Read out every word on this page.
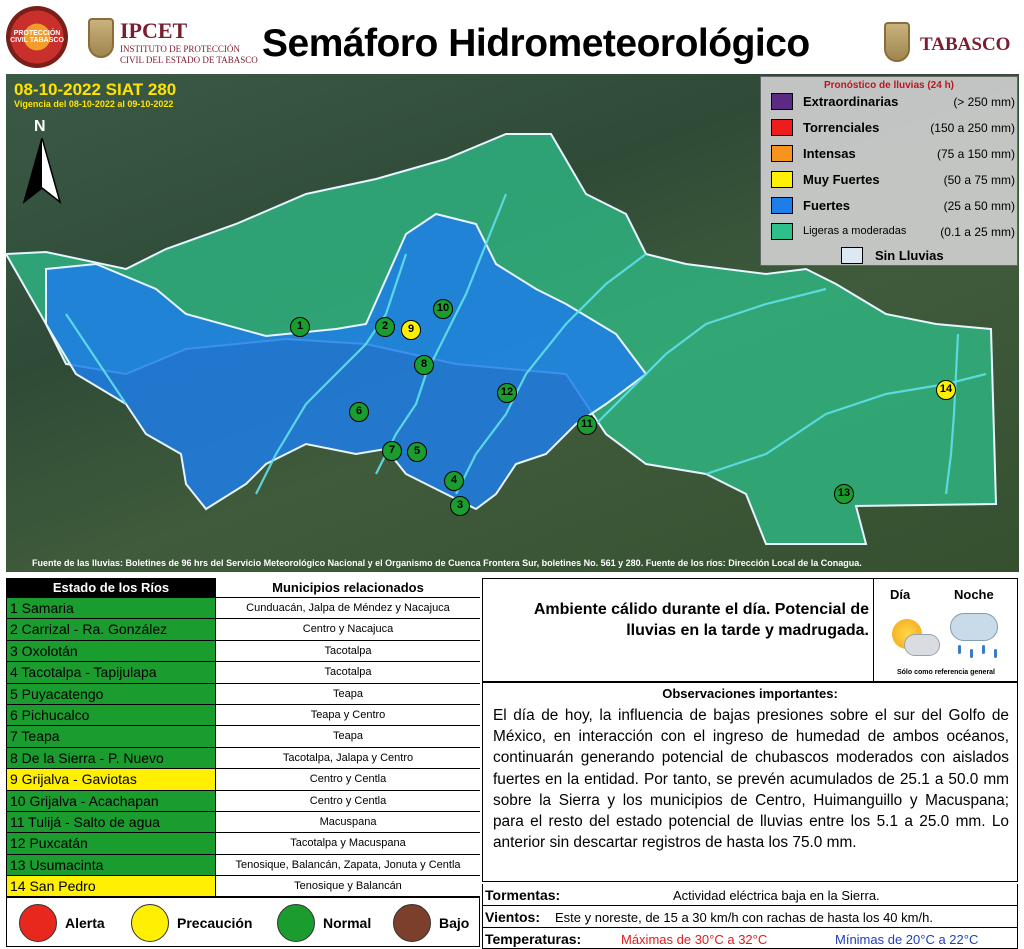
PROTECCIÓN CIVIL TABASCO	IPCET
INSTITUTO DE PROTECCIÓN CIVIL DEL ESTADO DE TABASCO Semáforo Hidrometeorológico	TABASCO
08-10-2022 SIAT 280
Vigencia del 08-10-2022 al 09-10-2022
N
1	2
3
4
5
6
7
8
9
10
11
12
13
14
Pronóstico de lluvias (24 h)
Extraordinarias	(> 250 mm)
Torrenciales	(150 a 250 mm)
Intensas	(75 a 150 mm)
Muy Fuertes	(50 a 75 mm)
Fuertes	(25 a 50 mm)
Ligeras a moderadas	(0.1 a 25 mm)
Sin Lluvias
Fuente de las lluvias: Boletines de 96 hrs del Servicio Meteorológico Nacional y el Organismo de Cuenca Frontera Sur, boletines No. 561 y 280. Fuente de los ríos: Dirección Local de la Conagua.
Estado de los Ríos	Municipios relacionados
1 Samaria	Cunduacán, Jalpa de Méndez y Nacajuca
2 Carrizal - Ra. González	Centro y Nacajuca
3 Oxolotán	Tacotalpa
4 Tacotalpa - Tapijulapa	Tacotalpa
5 Puyacatengo	Teapa
6 Pichucalco	Teapa y Centro
7 Teapa	Teapa
8 De la Sierra - P. Nuevo	Tacotalpa, Jalapa y Centro
9 Grijalva - Gaviotas	Centro y Centla
10 Grijalva - Acachapan	Centro y Centla
11 Tulijá - Salto de agua	Macuspana
12 Puxcatán	Tacotalpa y Macuspana
13 Usumacinta	Tenosique, Balancán, Zapata, Jonuta y Centla
14 San Pedro	Tenosique y Balancán
Alerta	Precaución	Normal	Bajo
Ambiente cálido durante el día. Potencial de lluvias en la tarde y madrugada.
Día	Noche
Sólo como referencia general
Observaciones importantes:
El día de hoy, la influencia de bajas presiones sobre el sur del Golfo de México, en interacción con el ingreso de humedad de ambos océanos, continuarán generando potencial de chubascos moderados con aislados fuertes en la entidad. Por tanto, se prevén acumulados de 25.1 a 50.0 mm sobre la Sierra y los municipios de Centro, Huimanguillo y Macuspana; para el resto del estado potencial de lluvias entre los 5.1 a 25.0 mm. Lo anterior sin descartar registros de hasta los 75.0 mm.
Tormentas:	Actividad eléctrica baja en la Sierra.
Vientos: Este y noreste, de 15 a 30 km/h con rachas de hasta los 40 km/h.
Temperaturas:	Máximas de 30°C a 32°C	Mínimas de 20°C a 22°C
